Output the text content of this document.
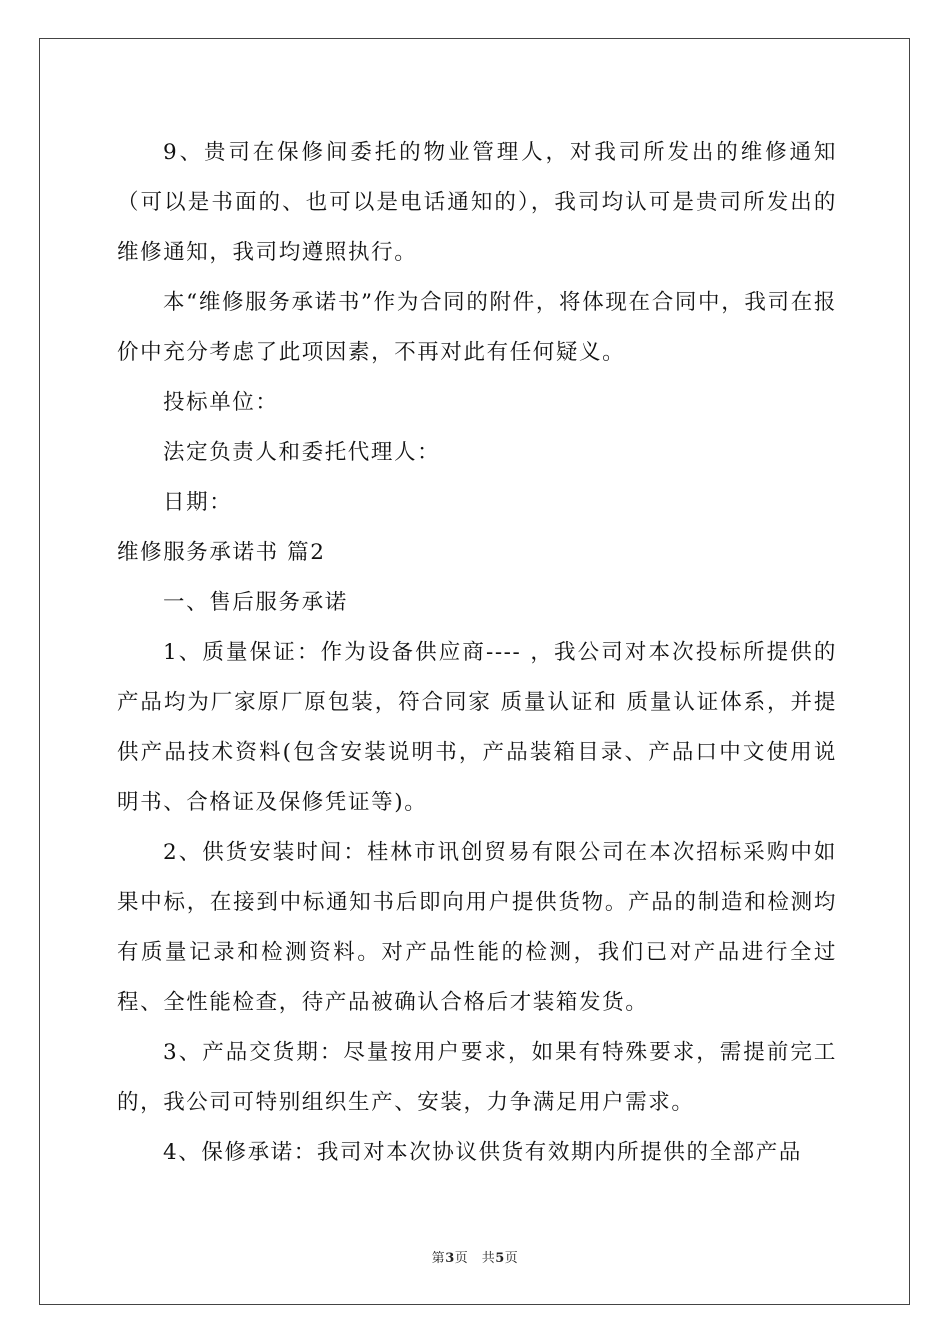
9、贵司在保修间委托的物业管理人，对我司所发出的维修通知（可以是书面的、也可以是电话通知的），我司均认可是贵司所发出的维修通知，我司均遵照执行。

本“维修服务承诺书”作为合同的附件，将体现在合同中，我司在报价中充分考虑了此项因素，不再对此有任何疑义。

投标单位：

法定负责人和委托代理人：

日期：

维修服务承诺书 篇2

一、售后服务承诺

1、质量保证：作为设备供应商---- ，我公司对本次投标所提供的产品均为厂家原厂原包装，符合同家 质量认证和 质量认证体系，并提供产品技术资料(包含安装说明书，产品装箱目录、产品口中文使用说明书、合格证及保修凭证等)。

2、供货安装时间：桂林市讯创贸易有限公司在本次招标采购中如果中标，在接到中标通知书后即向用户提供货物。产品的制造和检测均有质量记录和检测资料。对产品性能的检测，我们已对产品进行全过程、全性能检查，待产品被确认合格后才装箱发货。

3、产品交货期：尽量按用户要求，如果有特殊要求，需提前完工的，我公司可特别组织生产、安装，力争满足用户需求。

4、保修承诺：我司对本次协议供货有效期内所提供的全部产品

第3页　共5页
